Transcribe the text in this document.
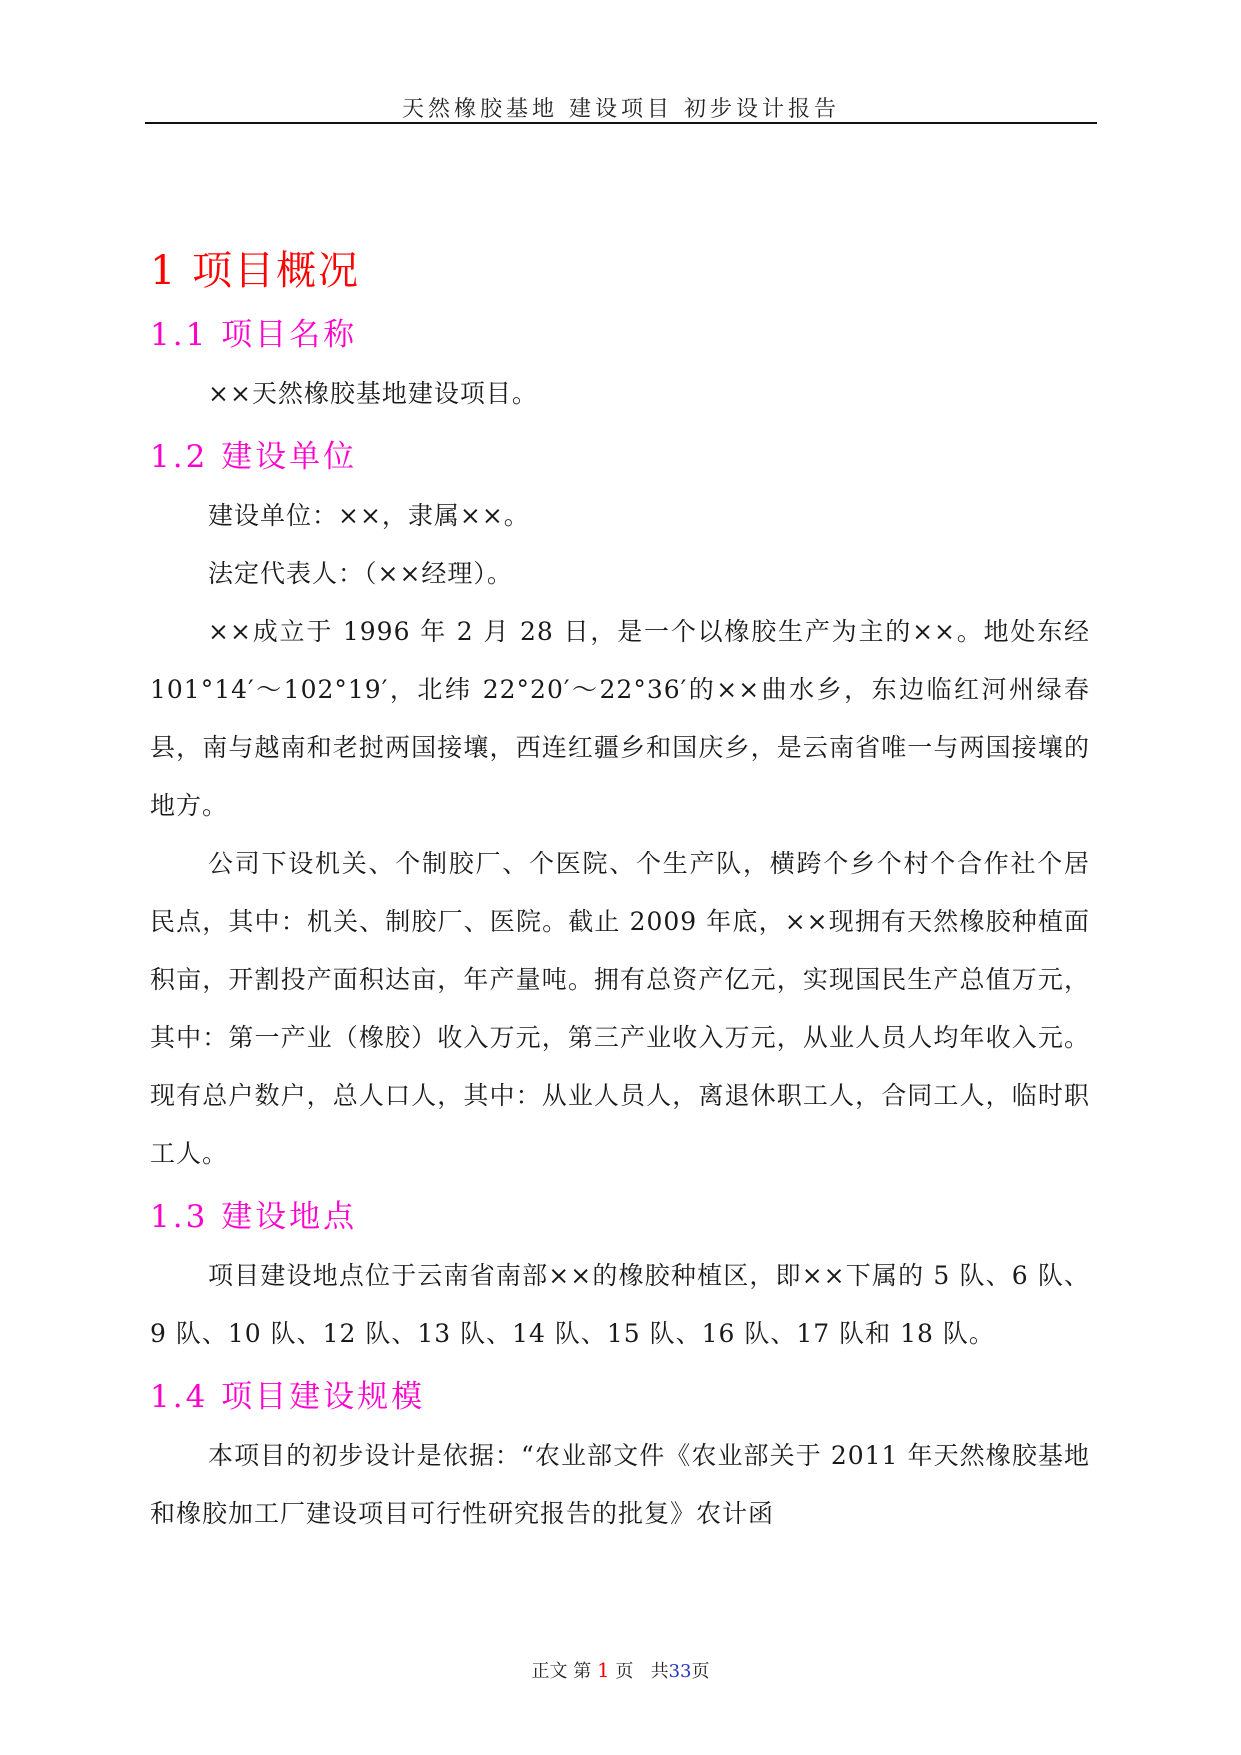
天然橡胶基地 建设项目 初步设计报告
1 项目概况
1.1 项目名称

××天然橡胶基地建设项目。

1.2 建设单位

建设单位：××，隶属××。

法定代表人：（××经理）。

××成立于 1996 年 2 月 28 日，是一个以橡胶生产为主的××。地处东经 101°14′～102°19′，北纬 22°20′～22°36′的××曲水乡，东边临红河州绿春县，南与越南和老挝两国接壤，西连红疆乡和国庆乡，是云南省唯一与两国接壤的地方。

公司下设机关、个制胶厂、个医院、个生产队，横跨个乡个村个合作社个居民点，其中：机关、制胶厂、医院。截止 2009 年底，××现拥有天然橡胶种植面积亩，开割投产面积达亩，年产量吨。拥有总资产亿元，实现国民生产总值万元，其中：第一产业（橡胶）收入万元，第三产业收入万元，从业人员人均年收入元。现有总户数户，总人口人，其中：从业人员人，离退休职工人，合同工人，临时职工人。

1.3 建设地点

项目建设地点位于云南省南部××的橡胶种植区，即××下属的 5 队、6 队、9 队、10 队、12 队、13 队、14 队、15 队、16 队、17 队和 18 队。

1.4 项目建设规模

本项目的初步设计是依据：“农业部文件《农业部关于 2011 年天然橡胶基地和橡胶加工厂建设项目可行性研究报告的批复》农计函

正文 第 1 页 共33页
